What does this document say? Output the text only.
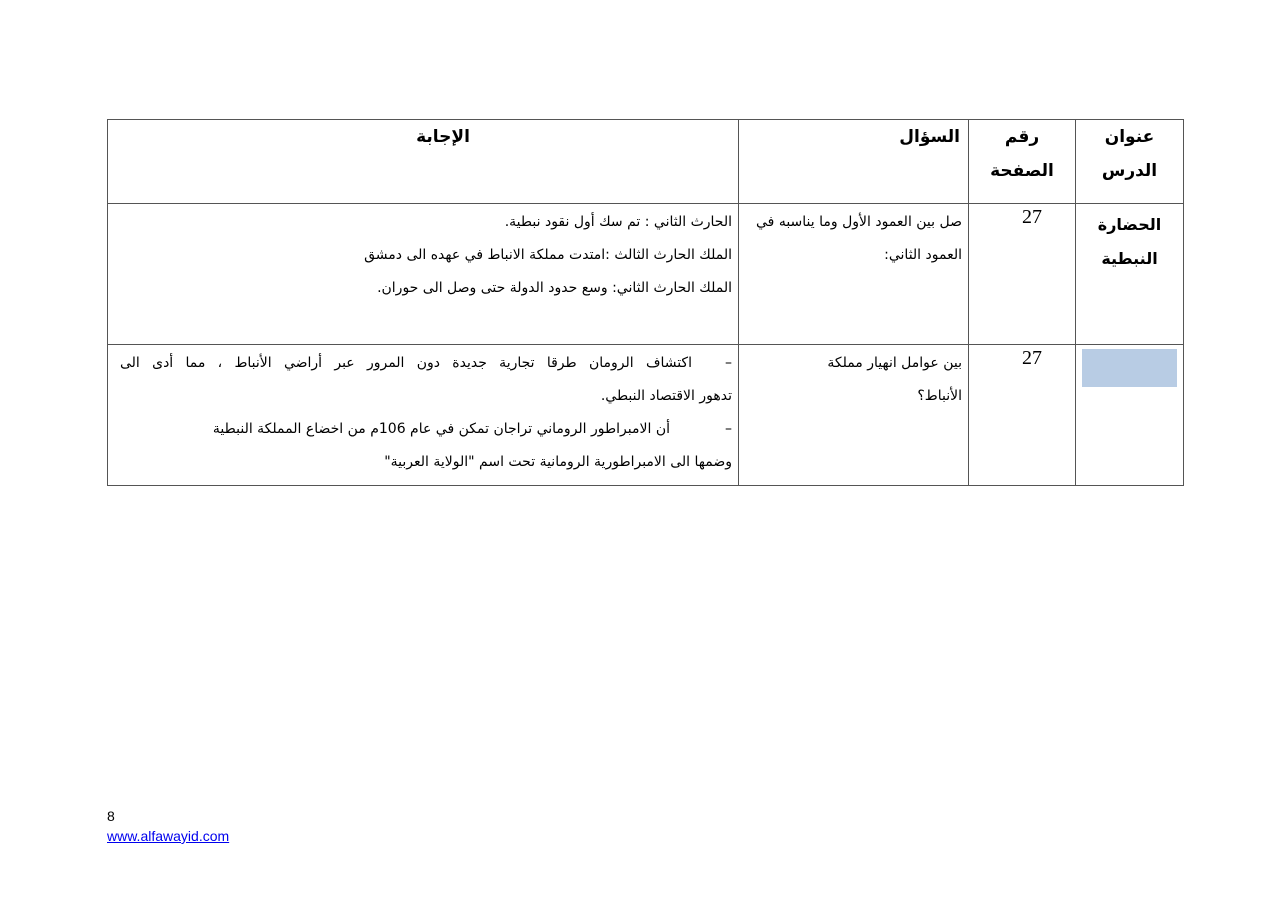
عنوان الدرس	رقم الصفحة	السؤال	الإجابة

الحضارة النبطية	27	صل بين العمود الأول وما يناسبه في العمود الثاني:	الحارث الثاني : تم سك أول نقود نبطية.
الملك الحارث الثالث :امتدت مملكة الانباط في عهده الى دمشق
الملك الحارث الثاني: وسع حدود الدولة حتى وصل الى حوران.

	27	بين عوامل انهيار مملكة الأنباط؟	–اكتشاف الرومان طرقا تجارية جديدة دون المرور عبر أراضي الأنباط ، مما أدى الى
تدهور الاقتصاد النبطي.
–أن الامبراطور الروماني تراجان تمكن في عام 106م من اخضاع المملكة النبطية
وضمها الى الامبراطورية الرومانية تحت اسم "الولاية العربية"
8
www.alfawayid.com
